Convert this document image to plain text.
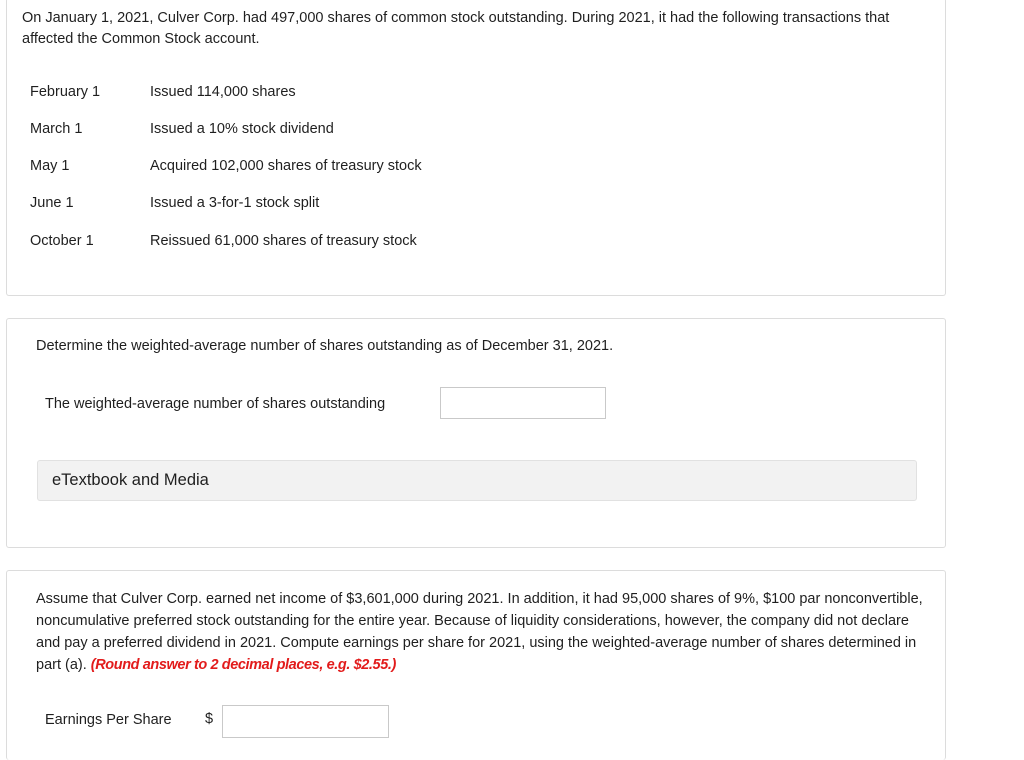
On January 1, 2021, Culver Corp. had 497,000 shares of common stock outstanding. During 2021, it had the following transactions that affected the Common Stock account.
February 1	Issued 114,000 shares
March 1	Issued a 10% stock dividend
May 1	Acquired 102,000 shares of treasury stock
June 1	Issued a 3-for-1 stock split
October 1	Reissued 61,000 shares of treasury stock
Determine the weighted-average number of shares outstanding as of December 31, 2021.
The weighted-average number of shares outstanding
eTextbook and Media
Assume that Culver Corp. earned net income of $3,601,000 during 2021. In addition, it had 95,000 shares of 9%, $100 par nonconvertible, noncumulative preferred stock outstanding for the entire year. Because of liquidity considerations, however, the company did not declare and pay a preferred dividend in 2021. Compute earnings per share for 2021, using the weighted-average number of shares determined in part (a). (Round answer to 2 decimal places, e.g. $2.55.)
Earnings Per Share $
